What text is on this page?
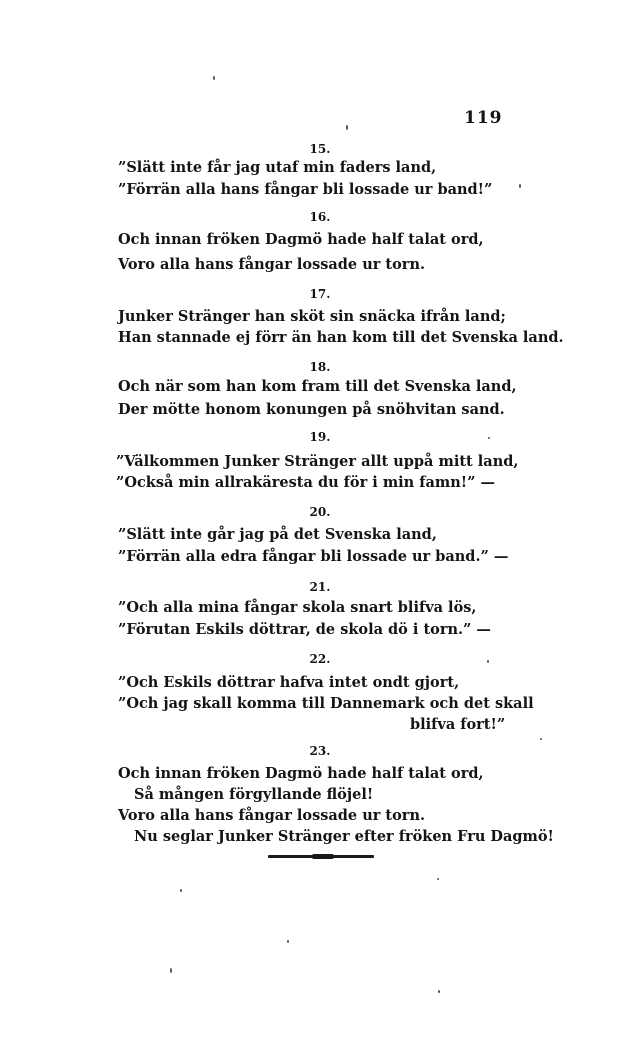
119
15.
”Slätt inte får jag utaf min faders land,
”Förrän alla hans fångar bli lossade ur band!”
16.
Och innan fröken Dagmö hade half talat ord,
Voro alla hans fångar lossade ur torn.
17.
Junker Stränger han sköt sin snäcka ifrån land;
Han stannade ej förr än han kom till det Svenska land.
18.
Och när som han kom fram till det Svenska land,
Der mötte honom konungen på snöhvitan sand.
19.
”Välkommen Junker Stränger allt uppå mitt land,
”Också min allrakäresta du för i min famn!” —
20.
”Slätt inte går jag på det Svenska land,
”Förrän alla edra fångar bli lossade ur band.” —
21.
”Och alla mina fångar skola snart blifva lös,
”Förutan Eskils döttrar, de skola dö i torn.” —
22.
”Och Eskils döttrar hafva intet ondt gjort,
”Och jag skall komma till Dannemark och det skall
blifva fort!”
23.
Och innan fröken Dagmö hade half talat ord,
Så mången förgyllande flöjel!
Voro alla hans fångar lossade ur torn.
Nu seglar Junker Stränger efter fröken Fru Dagmö!
